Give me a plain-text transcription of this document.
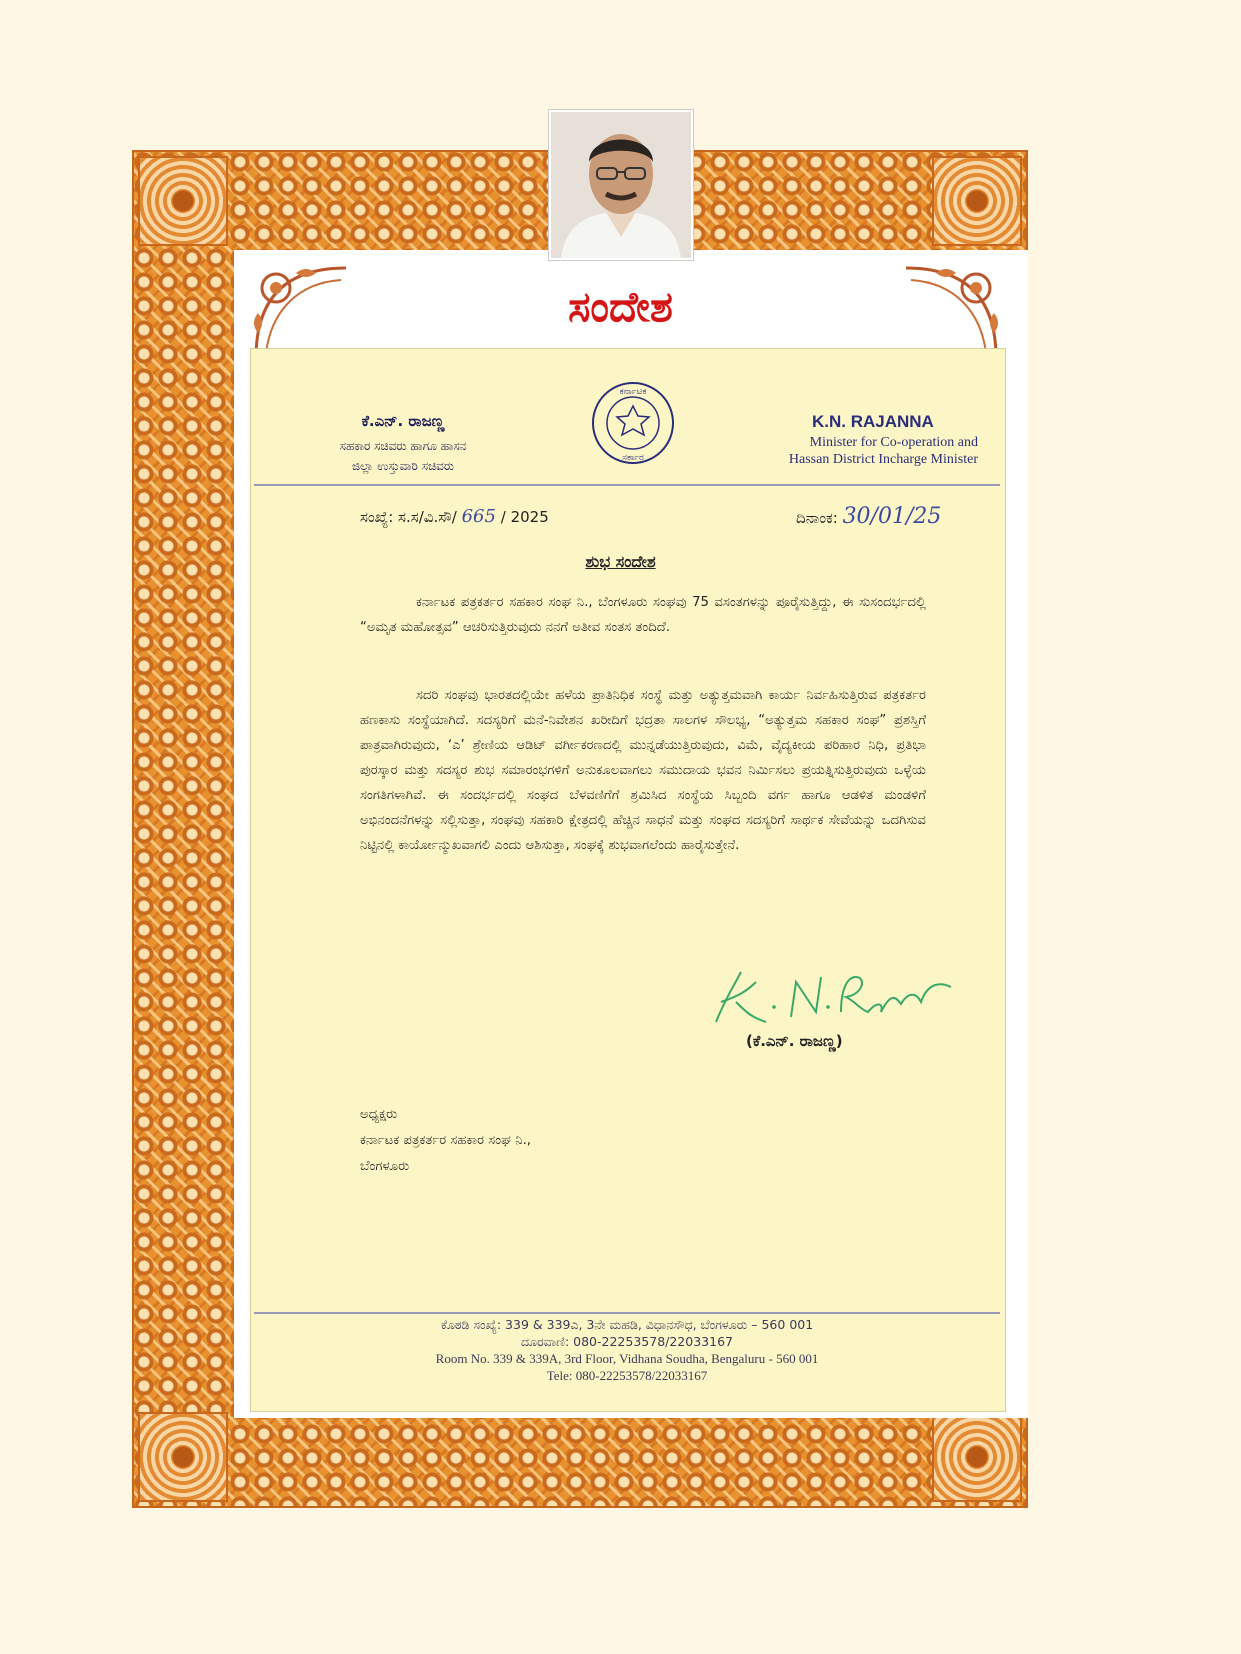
ಸಂದೇಶ
ಕೆ.ಎನ್. ರಾಜಣ್ಣ
ಸಹಕಾರ ಸಚಿವರು ಹಾಗೂ ಹಾಸನ
ಜಿಲ್ಲಾ ಉಸ್ತುವಾರಿ ಸಚಿವರು
ಕರ್ನಾಟಕ
ಸರ್ಕಾರ
K.N. RAJANNA
Minister for Co-operation and
Hassan District Incharge Minister
ಸಂಖ್ಯೆ: ಸ.ಸ/ವಿ.ಸೌ/ 665 / 2025	ದಿನಾಂಕ: 30/01/25
ಶುಭ ಸಂದೇಶ
ಕರ್ನಾಟಕ ಪತ್ರಕರ್ತರ ಸಹಕಾರ ಸಂಘ ನಿ., ಬೆಂಗಳೂರು ಸಂಘವು 75 ವಸಂತಗಳನ್ನು ಪೂರೈಸುತ್ತಿದ್ದು, ಈ ಸುಸಂದರ್ಭದಲ್ಲಿ “ಅಮೃತ ಮಹೋತ್ಸವ” ಆಚರಿಸುತ್ತಿರುವುದು ನನಗೆ ಅತೀವ ಸಂತಸ ತಂದಿದೆ.
ಸದರಿ ಸಂಘವು ಭಾರತದಲ್ಲಿಯೇ ಹಳೆಯ ಪ್ರಾತಿನಿಧಿಕ ಸಂಸ್ಥೆ ಮತ್ತು ಅತ್ಯುತ್ತಮವಾಗಿ ಕಾರ್ಯ ನಿರ್ವಹಿಸುತ್ತಿರುವ ಪತ್ರಕರ್ತರ ಹಣಕಾಸು ಸಂಸ್ಥೆಯಾಗಿದೆ. ಸದಸ್ಯರಿಗೆ ಮನೆ-ನಿವೇಶನ ಖರೀದಿಗೆ ಭದ್ರತಾ ಸಾಲಗಳ ಸೌಲಭ್ಯ, “ಅತ್ಯುತ್ತಮ ಸಹಕಾರ ಸಂಘ” ಪ್ರಶಸ್ತಿಗೆ ಪಾತ್ರವಾಗಿರುವುದು, ‘ಎ’ ಶ್ರೇಣಿಯ ಆಡಿಟ್ ವರ್ಗೀಕರಣದಲ್ಲಿ ಮುನ್ನಡೆಯುತ್ತಿರುವುದು, ವಿಮೆ, ವೈದ್ಯಕೀಯ ಪರಿಹಾರ ನಿಧಿ, ಪ್ರತಿಭಾ ಪುರಸ್ಕಾರ ಮತ್ತು ಸದಸ್ಯರ ಶುಭ ಸಮಾರಂಭಗಳಿಗೆ ಅನುಕೂಲವಾಗಲು ಸಮುದಾಯ ಭವನ ನಿರ್ಮಿಸಲು ಪ್ರಯತ್ನಿಸುತ್ತಿರುವುದು ಒಳ್ಳೆಯ ಸಂಗತಿಗಳಾಗಿವೆ. ಈ ಸಂದರ್ಭದಲ್ಲಿ ಸಂಘದ ಬೆಳವಣಿಗೆಗೆ ಶ್ರಮಿಸಿದ ಸಂಸ್ಥೆಯ ಸಿಬ್ಬಂದಿ ವರ್ಗ ಹಾಗೂ ಆಡಳಿತ ಮಂಡಳಿಗೆ ಅಭಿನಂದನೆಗಳನ್ನು ಸಲ್ಲಿಸುತ್ತಾ, ಸಂಘವು ಸಹಕಾರಿ ಕ್ಷೇತ್ರದಲ್ಲಿ ಹೆಚ್ಚಿನ ಸಾಧನೆ ಮತ್ತು ಸಂಘದ ಸದಸ್ಯರಿಗೆ ಸಾರ್ಥಕ ಸೇವೆಯನ್ನು ಒದಗಿಸುವ ನಿಟ್ಟಿನಲ್ಲಿ ಕಾರ್ಯೋನ್ಮುಖವಾಗಲಿ ಎಂದು ಆಶಿಸುತ್ತಾ, ಸಂಘಕ್ಕೆ ಶುಭವಾಗಲೆಂದು ಹಾರೈಸುತ್ತೇನೆ.
(ಕೆ.ಎನ್. ರಾಜಣ್ಣ)
ಅಧ್ಯಕ್ಷರು
ಕರ್ನಾಟಕ ಪತ್ರಕರ್ತರ ಸಹಕಾರ ಸಂಘ ನಿ.,
ಬೆಂಗಳೂರು
ಕೊಠಡಿ ಸಂಖ್ಯೆ: 339 & 339ಎ, 3ನೇ ಮಹಡಿ, ವಿಧಾನಸೌಧ, ಬೆಂಗಳೂರು – 560 001
ದೂರವಾಣಿ: 080-22253578/22033167
Room No. 339 & 339A, 3rd Floor, Vidhana Soudha, Bengaluru - 560 001
Tele: 080-22253578/22033167
